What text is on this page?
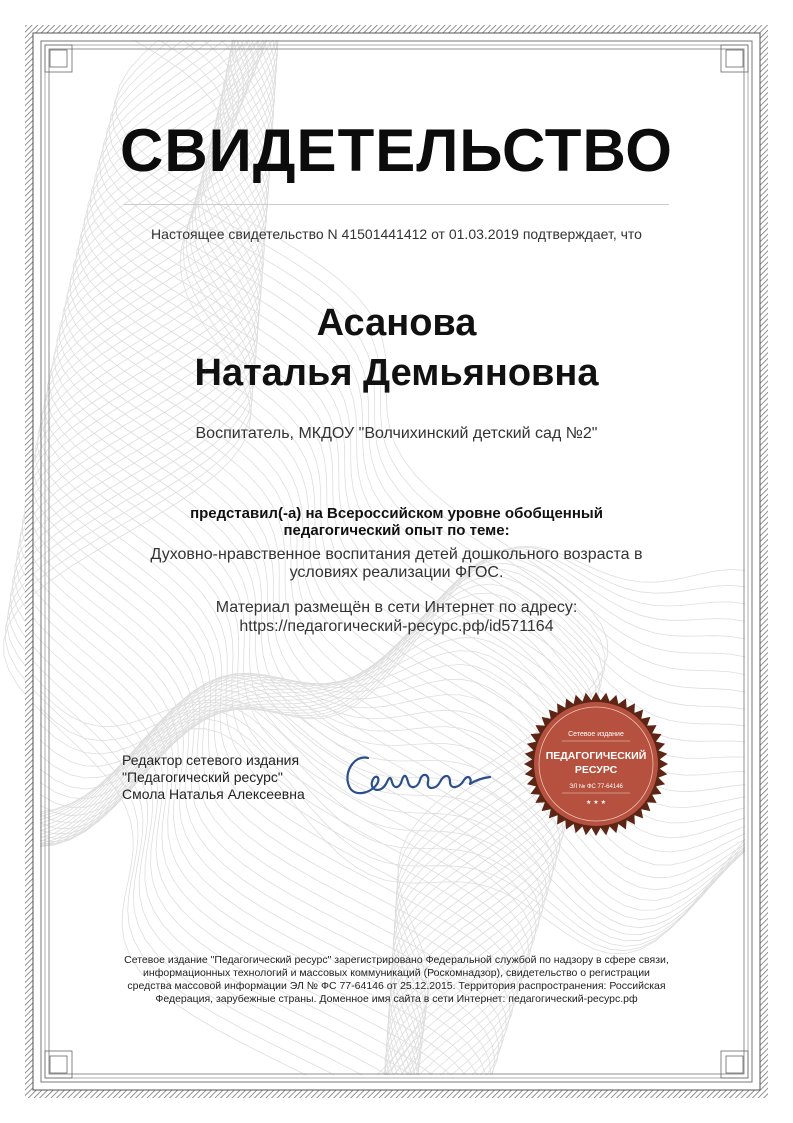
СВИДЕТЕЛЬСТВО
Настоящее свидетельство N 41501441412 от 01.03.2019 подтверждает, что
Асанова
Наталья Демьяновна
Воспитатель, МКДОУ "Волчихинский детский сад №2"
представил(-а) на Всероссийском уровне обобщенный педагогический опыт по теме:
Духовно-нравственное воспитания детей дошкольного возраста в условиях реализации ФГОС.
Материал размещён в сети Интернет по адресу:
https://педагогический-ресурс.рф/id571164
Редактор сетевого издания
"Педагогический ресурс"
Смола Наталья Алексеевна
Сетевое издание
ПЕДАГОГИЧЕСКИЙ
РЕСУРС
ЭЛ № ФС 77-64146
★ ★ ★
Сетевое издание "Педагогический ресурс" зарегистрировано Федеральной службой по надзору в сфере связи, информационных технологий и массовых коммуникаций (Роскомнадзор), свидетельство о регистрации средства массовой информации ЭЛ № ФС 77-64146 от 25.12.2015. Территория распространения: Российская Федерация, зарубежные страны. Доменное имя сайта в сети Интернет: педагогический-ресурс.рф
